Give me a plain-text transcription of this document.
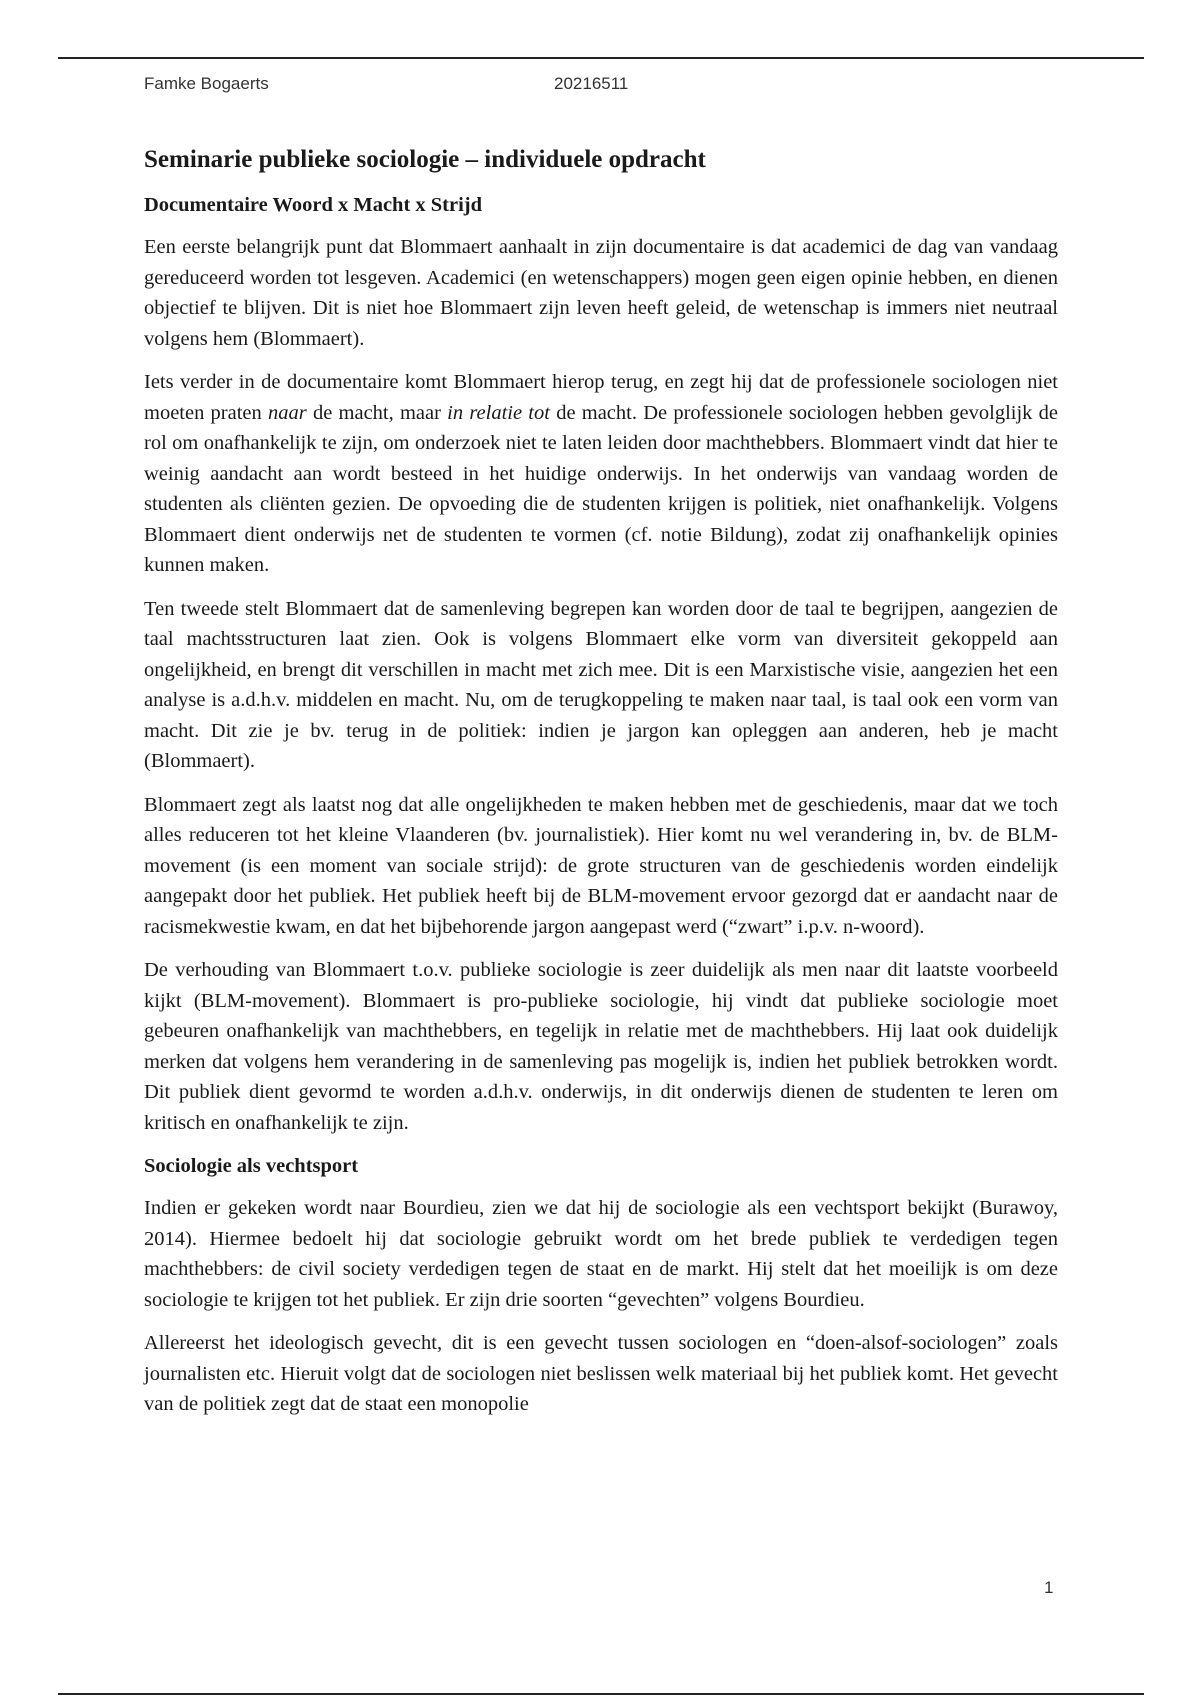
Famke Bogaerts	20216511
Seminarie publieke sociologie – individuele opdracht
Documentaire Woord x Macht x Strijd

Een eerste belangrijk punt dat Blommaert aanhaalt in zijn documentaire is dat academici de dag van vandaag gereduceerd worden tot lesgeven. Academici (en wetenschappers) mogen geen eigen opinie hebben, en dienen objectief te blijven. Dit is niet hoe Blommaert zijn leven heeft geleid, de wetenschap is immers niet neutraal volgens hem (Blommaert).

Iets verder in de documentaire komt Blommaert hierop terug, en zegt hij dat de professionele sociologen niet moeten praten naar de macht, maar in relatie tot de macht. De professionele sociologen hebben gevolglijk de rol om onafhankelijk te zijn, om onderzoek niet te laten leiden door machthebbers. Blommaert vindt dat hier te weinig aandacht aan wordt besteed in het huidige onderwijs. In het onderwijs van vandaag worden de studenten als cliënten gezien. De opvoeding die de studenten krijgen is politiek, niet onafhankelijk. Volgens Blommaert dient onderwijs net de studenten te vormen (cf. notie Bildung), zodat zij onafhankelijk opinies kunnen maken.

Ten tweede stelt Blommaert dat de samenleving begrepen kan worden door de taal te begrijpen, aangezien de taal machtsstructuren laat zien. Ook is volgens Blommaert elke vorm van diversiteit gekoppeld aan ongelijkheid, en brengt dit verschillen in macht met zich mee. Dit is een Marxistische visie, aangezien het een analyse is a.d.h.v. middelen en macht. Nu, om de terugkoppeling te maken naar taal, is taal ook een vorm van macht. Dit zie je bv. terug in de politiek: indien je jargon kan opleggen aan anderen, heb je macht (Blommaert).

Blommaert zegt als laatst nog dat alle ongelijkheden te maken hebben met de geschiedenis, maar dat we toch alles reduceren tot het kleine Vlaanderen (bv. journalistiek). Hier komt nu wel verandering in, bv. de BLM-movement (is een moment van sociale strijd): de grote structuren van de geschiedenis worden eindelijk aangepakt door het publiek. Het publiek heeft bij de BLM-movement ervoor gezorgd dat er aandacht naar de racismekwestie kwam, en dat het bijbehorende jargon aangepast werd (“zwart” i.p.v. n-woord).

De verhouding van Blommaert t.o.v. publieke sociologie is zeer duidelijk als men naar dit laatste voorbeeld kijkt (BLM-movement). Blommaert is pro-publieke sociologie, hij vindt dat publieke sociologie moet gebeuren onafhankelijk van machthebbers, en tegelijk in relatie met de machthebbers. Hij laat ook duidelijk merken dat volgens hem verandering in de samenleving pas mogelijk is, indien het publiek betrokken wordt. Dit publiek dient gevormd te worden a.d.h.v. onderwijs, in dit onderwijs dienen de studenten te leren om kritisch en onafhankelijk te zijn.

Sociologie als vechtsport

Indien er gekeken wordt naar Bourdieu, zien we dat hij de sociologie als een vechtsport bekijkt (Burawoy, 2014). Hiermee bedoelt hij dat sociologie gebruikt wordt om het brede publiek te verdedigen tegen machthebbers: de civil society verdedigen tegen de staat en de markt. Hij stelt dat het moeilijk is om deze sociologie te krijgen tot het publiek. Er zijn drie soorten “gevechten” volgens Bourdieu.

Allereerst het ideologisch gevecht, dit is een gevecht tussen sociologen en “doen-alsof-sociologen” zoals journalisten etc. Hieruit volgt dat de sociologen niet beslissen welk materiaal bij het publiek komt. Het gevecht van de politiek zegt dat de staat een monopolie

1
